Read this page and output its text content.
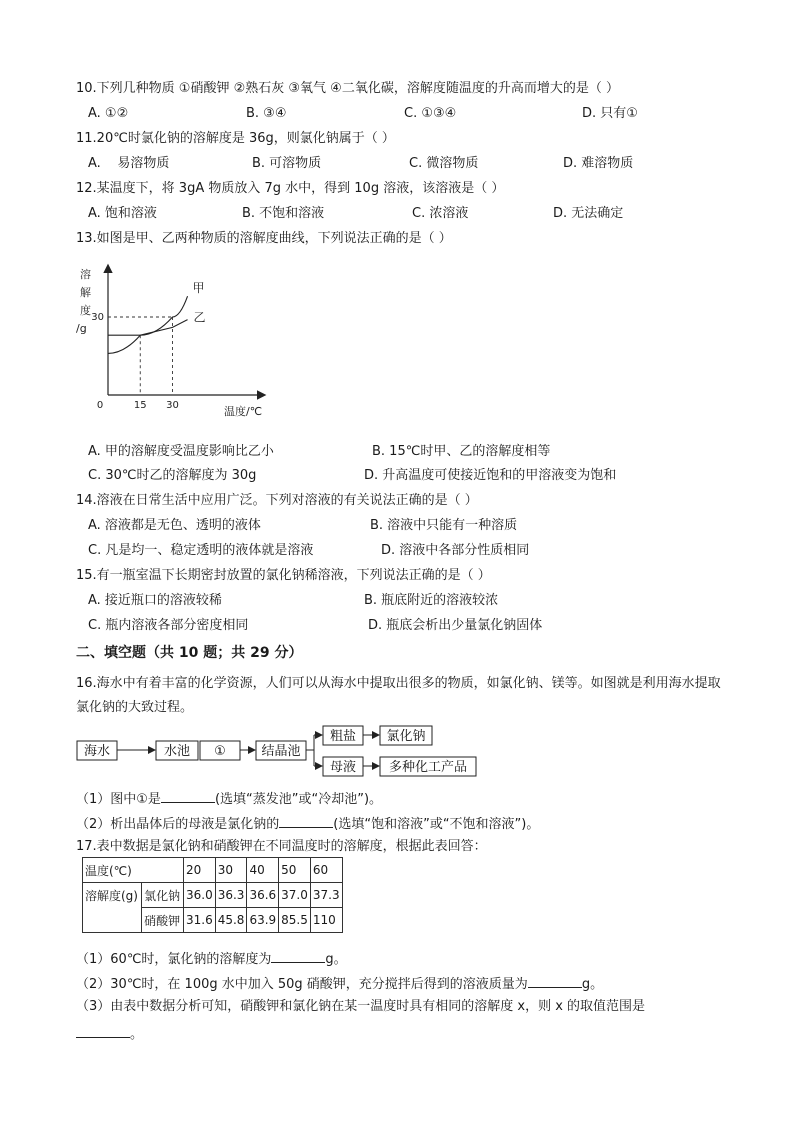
10.下列几种物质 ①硝酸钾 ②熟石灰 ③氧气 ④二氧化碳，溶解度随温度的升高而增大的是（ ）
A. ①②	B. ③④	C. ①③④	D. 只有①
11.20℃时氯化钠的溶解度是 36g，则氯化钠属于（ ）
A.    易溶物质	B. 可溶物质	C. 微溶物质	D. 难溶物质
12.某温度下，将 3gA 物质放入 7g 水中，得到 10g 溶液，该溶液是（ ）
A. 饱和溶液	B. 不饱和溶液	C. 浓溶液	D. 无法确定
13.如图是甲、乙两种物质的溶解度曲线，下列说法正确的是（ ）
溶
解
度
/g
温度/℃
0	15 30
30
甲
乙
A. 甲的溶解度受温度影响比乙小	B. 15℃时甲、乙的溶解度相等
C. 30℃时乙的溶解度为 30g	D. 升高温度可使接近饱和的甲溶液变为饱和
14.溶液在日常生活中应用广泛。下列对溶液的有关说法正确的是（ ）
A. 溶液都是无色、透明的液体	B. 溶液中只能有一种溶质
C. 凡是均一、稳定透明的液体就是溶液	D. 溶液中各部分性质相同
15.有一瓶室温下长期密封放置的氯化钠稀溶液，下列说法正确的是（ ）
A. 接近瓶口的溶液较稀	B. 瓶底附近的溶液较浓
C. 瓶内溶液各部分密度相同	D. 瓶底会析出少量氯化钠固体
二、填空题（共 10 题；共 29 分）
16.海水中有着丰富的化学资源，人们可以从海水中提取出很多的物质，如氯化钠、镁等。如图就是利用海水提取氯化钠的大致过程。
海水	水池 ①	结晶池
粗盐 氯化钠
母液	多种化工产品
（1）图中①是	(选填“蒸发池”或“冷却池”)。
（2）析出晶体后的母液是氯化钠的	(选填“饱和溶液”或“不饱和溶液”)。
17.表中数据是氯化钠和硝酸钾在不同温度时的溶解度，根据此表回答：
温度(℃)		20	30	40	50	60
溶解度(g)	氯化钠	36.0	36.3	36.6	37.0	37.3
	硝酸钾	31.6	45.8	63.9	85.5	110
（1）60℃时，氯化钠的溶解度为	g。
（2）30℃时，在 100g 水中加入 50g 硝酸钾，充分搅拌后得到的溶液质量为	g。
（3）由表中数据分析可知，硝酸钾和氯化钠在某一温度时具有相同的溶解度 x，则 x 的取值范围是
。
